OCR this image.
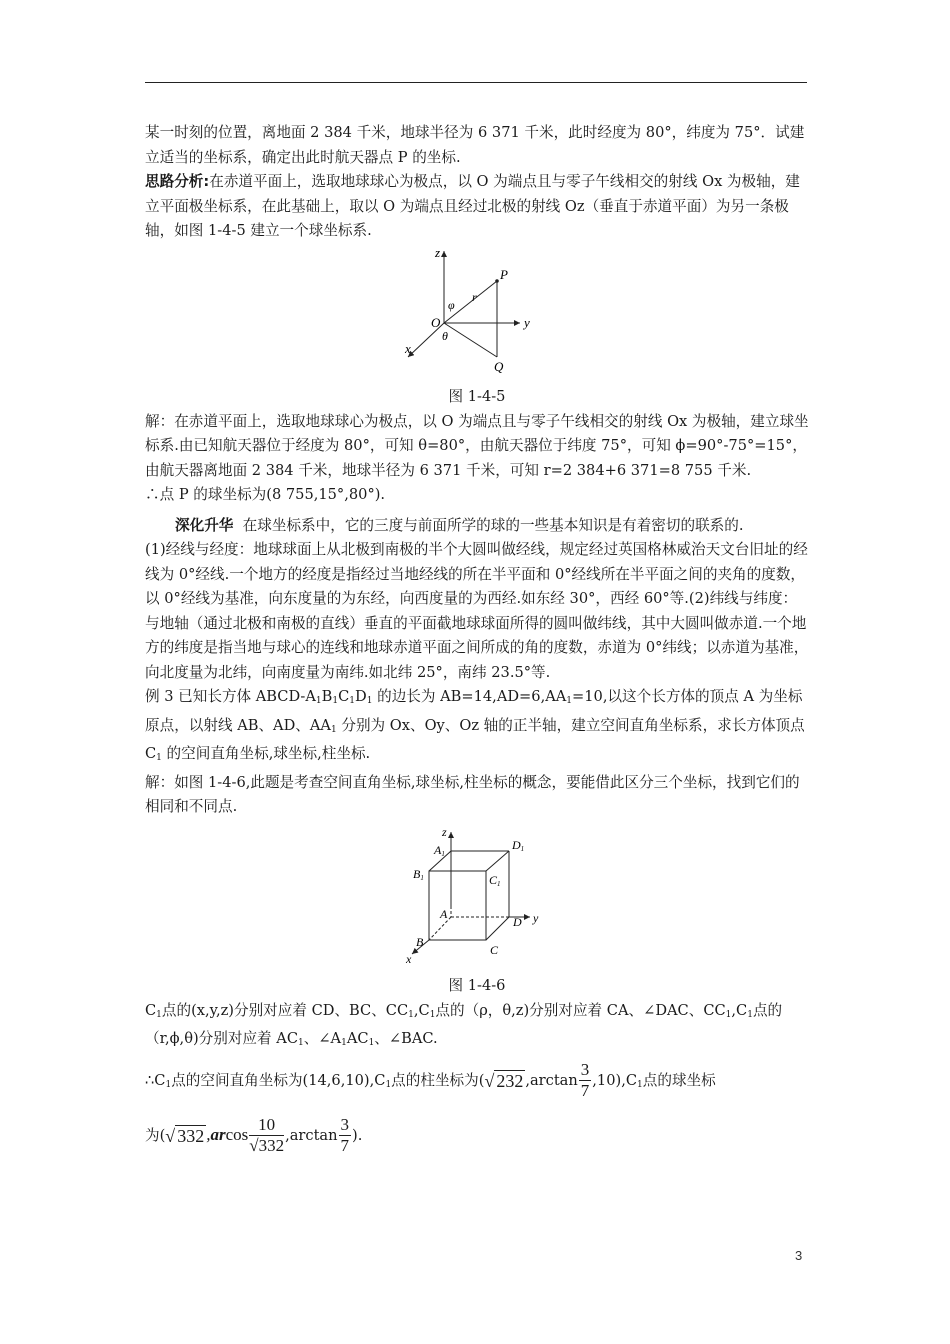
某一时刻的位置，离地面 2 384 千米，地球半径为 6 371 千米，此时经度为 80°，纬度为 75°．试建立适当的坐标系，确定出此时航天器点 P 的坐标.

思路分析:在赤道平面上，选取地球球心为极点，以 O 为端点且与零子午线相交的射线 Ox 为极轴，建立平面极坐标系，在此基础上，取以 O 为端点且经过北极的射线 Oz（垂直于赤道平面）为另一条极轴，如图 1-4-5 建立一个球坐标系.

z
P
r
φ
O
θ
y
x
Q

图 1-4-5

解：在赤道平面上，选取地球球心为极点，以 O 为端点且与零子午线相交的射线 Ox 为极轴，建立球坐标系.由已知航天器位于经度为 80°，可知 θ=80°，由航天器位于纬度 75°，可知 ϕ=90°-75°=15°，由航天器离地面 2 384 千米，地球半径为 6 371 千米，可知 r=2 384+6 371=8 755 千米.

∴点 P 的球坐标为(8 755,15°,80°).

深化升华 在球坐标系中，它的三度与前面所学的球的一些基本知识是有着密切的联系的.

(1)经线与经度：地球球面上从北极到南极的半个大圆叫做经线，规定经过英国格林威治天文台旧址的经线为 0°经线.一个地方的经度是指经过当地经线的所在半平面和 0°经线所在半平面之间的夹角的度数，以 0°经线为基准，向东度量的为东经，向西度量的为西经.如东经 30°，西经 60°等.(2)纬线与纬度：与地轴（通过北极和南极的直线）垂直的平面截地球球面所得的圆叫做纬线，其中大圆叫做赤道.一个地方的纬度是指当地与球心的连线和地球赤道平面之间所成的角的度数，赤道为 0°纬线；以赤道为基准，向北度量为北纬，向南度量为南纬.如北纬 25°，南纬 23.5°等.

例 3 已知长方体 ABCD-$A_1B_1C_1D_1$ 的边长为 $AB=14,AD=6,AA_1=10$,以这个长方体的顶点 A 为坐标原点，以射线 AB、AD、$AA_1$ 分别为 Ox、Oy、Oz 轴的正半轴，建立空间直角坐标系，求长方体顶点 $C_1$ 的空间直角坐标,球坐标,柱坐标.

解：如图 1-4-6,此题是考查空间直角坐标,球坐标,柱坐标的概念，要能借此区分三个坐标，找到它们的相同和不同点.

z
A1
D1
B1	C1
A
B
D
C
y
x

图 1-4-6

$C_1$点的(x,y,z)分别对应着 CD、BC、$CC_1,C_1$点的（ρ，θ,z)分别对应着 CA、∠DAC、$CC_1,C_1$点的（r,ϕ,θ)分别对应着 $AC_1$、$\angle A_1AC_1$、∠BAC.

$\therefore C_1$点的空间直角坐标为$(14,6,10),C_1$点的柱坐标为(√ 232 $,\arctan \frac{3}{7} ,10),C_1$点的球坐标

为(√ 332 $,arcos \frac{10}{√332} ,\arctan \frac{3}{7}$ ).

3
